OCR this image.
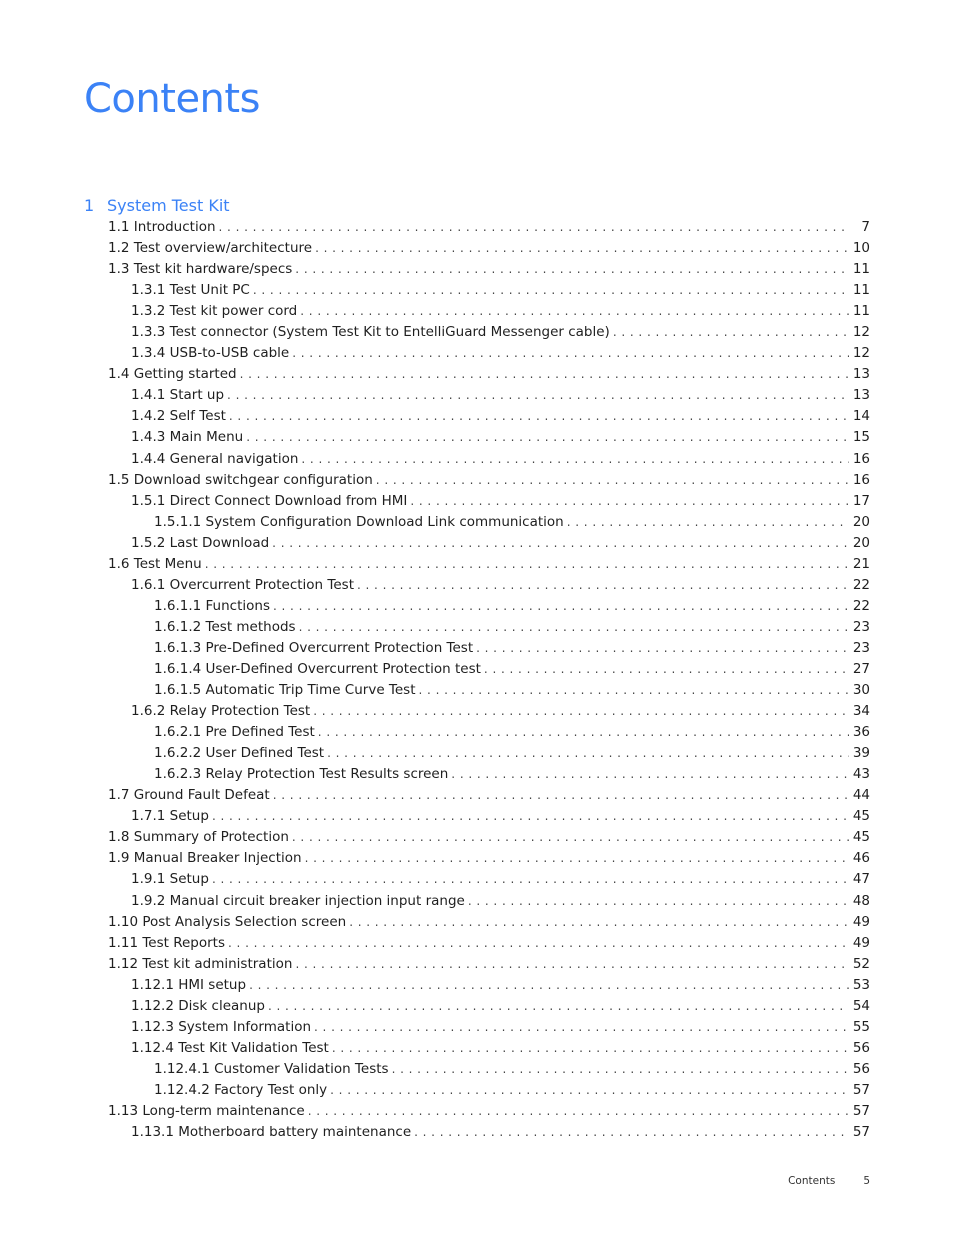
Contents
1 System Test Kit
1.1 Introduction . . .	7
1.2 Test overview/architecture . . .	10
1.3 Test kit hardware/specs . . .	11
1.3.1 Test Unit PC . . .	11
1.3.2 Test kit power cord . . .	11
1.3.3 Test connector (System Test Kit to EntelliGuard Messenger cable) . . .	12
1.3.4 USB-to-USB cable . . .	12
1.4 Getting started . . .	13
1.4.1 Start up . . .	13
1.4.2 Self Test . . .	14
1.4.3 Main Menu . . .	15
1.4.4 General navigation . . .	16
1.5 Download switchgear configuration . . .	16
1.5.1 Direct Connect Download from HMI . . .	17
1.5.1.1 System Configuration Download Link communication . . .	20
1.5.2 Last Download . . .	20
1.6 Test Menu . . .	21
1.6.1 Overcurrent Protection Test . . .	22
1.6.1.1 Functions . . .	22
1.6.1.2 Test methods . . .	23
1.6.1.3 Pre-Defined Overcurrent Protection Test . . .	23
1.6.1.4 User-Defined Overcurrent Protection test . . .	27
1.6.1.5 Automatic Trip Time Curve Test . . .	30
1.6.2 Relay Protection Test . . .	34
1.6.2.1 Pre Defined Test . . .	36
1.6.2.2 User Defined Test . . .	39
1.6.2.3 Relay Protection Test Results screen . . .	43
1.7 Ground Fault Defeat . . .	44
1.7.1 Setup . . .	45
1.8 Summary of Protection . . .	45
1.9 Manual Breaker Injection . . .	46
1.9.1 Setup . . .	47
1.9.2 Manual circuit breaker injection input range . . .	48
1.10 Post Analysis Selection screen . . .	49
1.11 Test Reports . . .	49
1.12 Test kit administration . . .	52
1.12.1 HMI setup . . .	53
1.12.2 Disk cleanup . . .	54
1.12.3 System Information . . .	55
1.12.4 Test Kit Validation Test . . .	56
1.12.4.1 Customer Validation Tests . . .	56
1.12.4.2 Factory Test only . . .	57
1.13 Long-term maintenance . . .	57
1.13.1 Motherboard battery maintenance . . .	57
Contents	5
